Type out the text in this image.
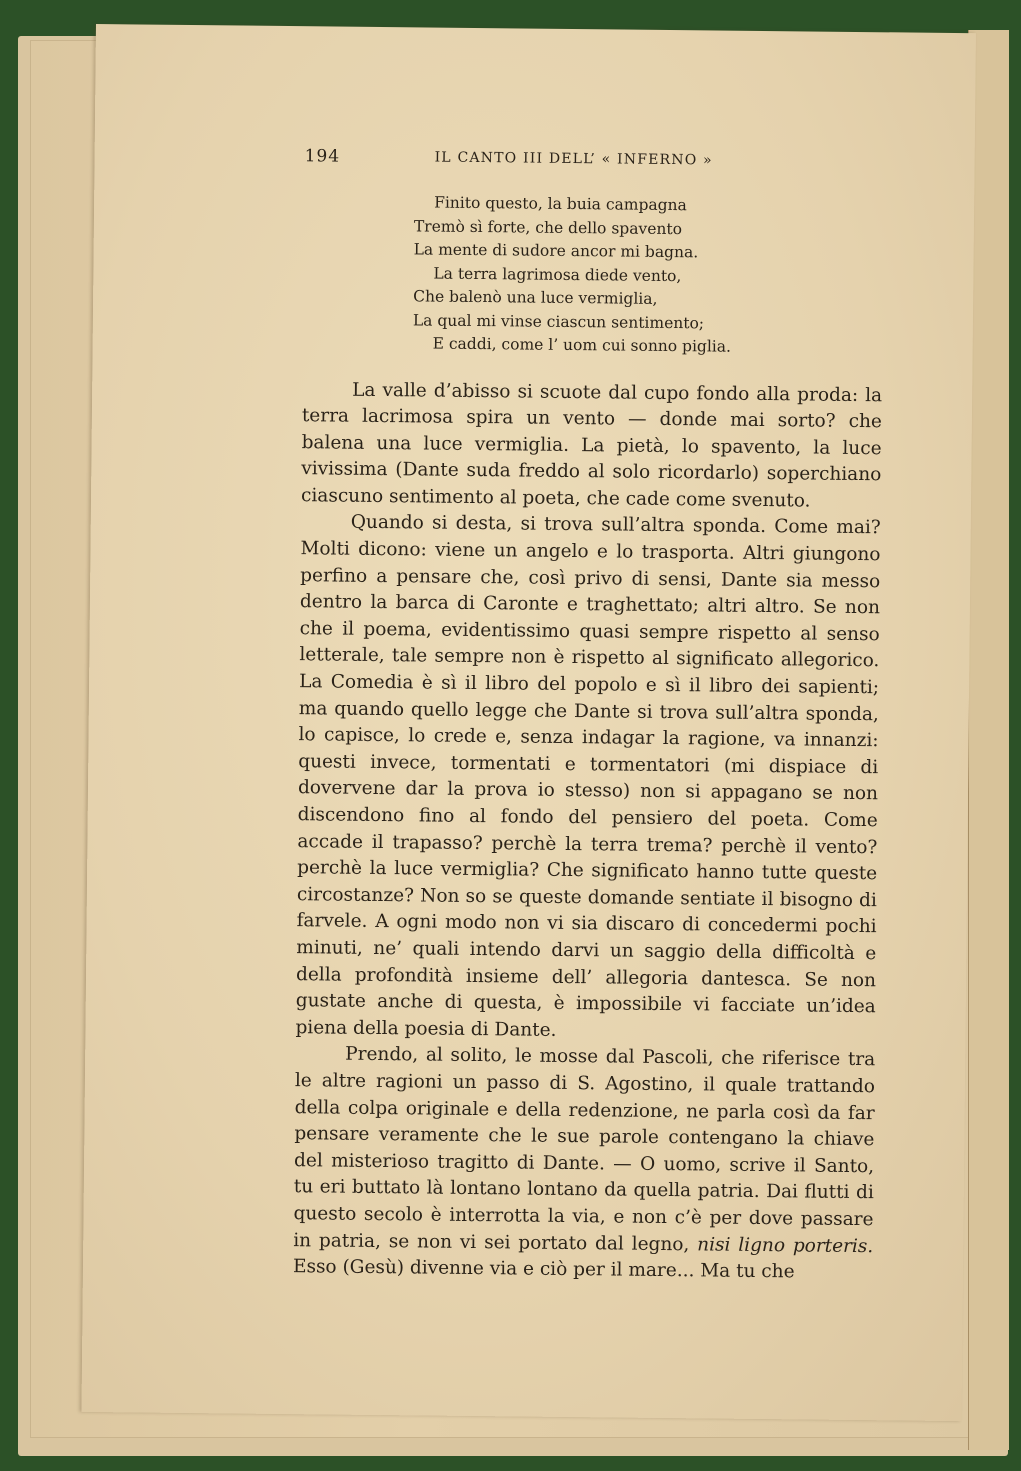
194	IL CANTO III DELL’ « INFERNO »
Finito questo, la buia campagna
Tremò sì forte, che dello spavento
La mente di sudore ancor mi bagna.
La terra lagrimosa diede vento,
Che balenò una luce vermiglia,
La qual mi vinse ciascun sentimento;
E caddi, come l’ uom cui sonno piglia.

La valle d’abisso si scuote dal cupo fondo alla proda: la terra lacrimosa spira un vento — donde mai sorto? che balena una luce vermiglia. La pietà, lo spavento, la luce vivissima (Dante suda freddo al solo ricordarlo) soperchiano ciascuno sentimento al poeta, che cade come svenuto.

Quando si desta, si trova sull’altra sponda. Come mai? Molti dicono: viene un angelo e lo trasporta. Altri giungono perfino a pensare che, così privo di sensi, Dante sia messo dentro la barca di Caronte e traghettato; altri altro. Se non che il poema, evidentissimo quasi sempre rispetto al senso letterale, tale sempre non è rispetto al significato allegorico. La Comedia è sì il libro del popolo e sì il libro dei sapienti; ma quando quello legge che Dante si trova sull’altra sponda, lo capisce, lo crede e, senza indagar la ragione, va innanzi: questi invece, tormentati e tormentatori (mi dispiace di dovervene dar la prova io stesso) non si appagano se non discendono fino al fondo del pensiero del poeta. Come accade il trapasso? perchè la terra trema? perchè il vento? perchè la luce vermiglia? Che significato hanno tutte queste circostanze? Non so se queste domande sentiate il bisogno di farvele. A ogni modo non vi sia discaro di concedermi pochi minuti, ne’ quali intendo darvi un saggio della difficoltà e della profondità insieme dell’ allegoria dantesca. Se non gustate anche di questa, è impossibile vi facciate un’idea piena della poesia di Dante.

Prendo, al solito, le mosse dal Pascoli, che riferisce tra le altre ragioni un passo di S. Agostino, il quale trattando della colpa originale e della redenzione, ne parla così da far pensare veramente che le sue parole contengano la chiave del misterioso tragitto di Dante. — O uomo, scrive il Santo, tu eri buttato là lontano lontano da quella patria. Dai flutti di questo secolo è interrotta la via, e non c’è per dove passare in patria, se non vi sei portato dal legno, nisi ligno porteris. Esso (Gesù) divenne via e ciò per il mare... Ma tu che
